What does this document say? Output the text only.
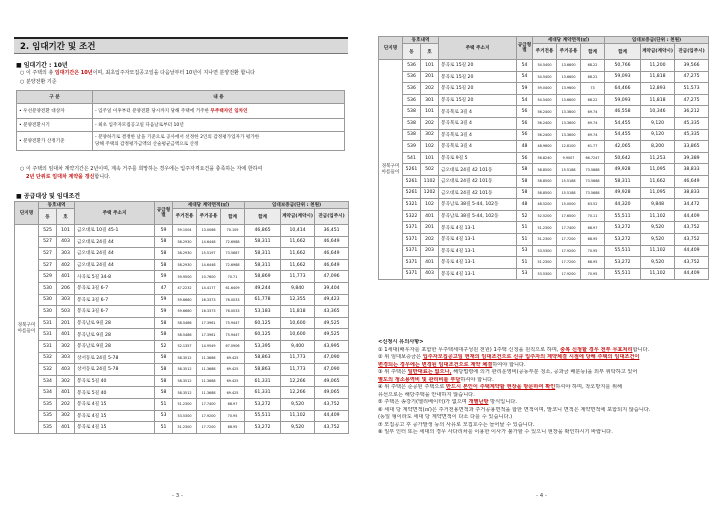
2. 임대기간 및 조건
■ 임대기간 : 10년
○ 이 주택의 총 임대기간은 10년이며, 최초입주자모집공고일을 다음날부터 10년이 지나면 분양전환 합니다
○ 분양전환 기준
구 분	내 용
• 우선분양전환 대상자	- 입주일 이후부터 분양전환 당시까지 당해 주택에 거주한 무주택자인 임차인
• 분양전환시기	- 최초 입주자모집공고일 다음날로부터 10년
• 분양전환가 산정기준	- 분양하기로 결정한 날을 기준으로 공사에서 선정한 2인의 감정평가업자가 평가한
당해 주택의 감정평가금액의 산술평균금액으로 산정
○ 이 주택의 임대차 계약기간은 2년이며, 계속 거주를 희망하는 경우에는 입주자격요건을 충족하는 자에 한하여
2년 단위로 임대차 계약을 갱신합니다.
■ 공급대상 및 임대조건
단지명	동호내역		주택 주소지	공급형별	세대당 계약면적(㎡)			임대보증금(단위 : 천원)		
	동	호			주거전용	주거공용	합계	합계	계약금(계약시)	잔금(입주시)
경북구미 아름들이	525	101	금오대로 10길 45-1	59	59.1004	13.0066	70.109	46,865	10,414	36,451
	527	403	금오대로 24길 44	58	58.2930	14.6448	72.6988	58,311	11,662	46,649
	527	303	금오대로 24길 44	58	58.2930	15.5197	73.5687	58,311	11,662	46,649
	527	402	금오대로 24길 44	58	58.2930	14.6448	72.6988	58,311	11,662	46,649
	529	401	사곡로 5길 34-8	59	59.9500	10.7600	70.71	58,869	11,773	47,096
	530	206	봉곡로 3길 6-7	47	47.2232	14.4177	61.6409	49,244	9,840	39,404
	530	303	봉곡로 3길 6-7	59	59.6660	16.3373	76.0033	61,778	12,355	49,423
	530	503	봉곡로 3길 6-7	59	59.6660	16.3373	76.0033	53,183	11,818	43,365
	531	201	봉곡남로 9길 28	58	58.5486	17.3961	75.9447	60,125	10,600	49,525
	531	401	봉곡남로 9길 28	58	58.5486	17.3961	75.9447	60,125	10,600	49,525
	531	302	봉곡남로 9길 28	52	52.1357	14.9549	67.0906	53,395	9,400	43,995
	532	303	상서동로 24길 5-78	58	58.3512	11.3688	69.425	58,863	11,773	47,090
	532	403	상서동로 24길 5-78	58	58.3512	11.3688	69.425	58,863	11,773	47,090
	534	302	봉곡로 5길 40	58	58.3512	11.3688	69.425	61,331	12,266	49,065
	534	401	봉곡로 5길 40	58	58.3512	11.3688	69.425	61,331	12,266	49,065
	535	202	봉곡로 4길 15	51	51.2300	17.7400	68.97	53,272	9,520	43,752
	535	302	봉곡로 4길 15	53	53.5300	17.9200	70.95	55,511	11,102	44,409
	535	401	봉곡로 4길 15	51	51.2300	17.7200	68.95	53,272	9,520	43,752
- 3 -
단지명	동호내역		주택 주소지	공급형별	세대당 계약면적(㎡)			임대보증금(단위 : 천원)		
	동	호			주거전용	주거공용	합계	합계	계약금(계약시)	잔금(입주시)
경북구미 아름들이	536	101	봉곡로 15길 20	54	54.5400	13.6600	68.22	50,766	11,200	39,566
	536	201	봉곡로 15길 20	54	54.5400	13.6600	68.22	59,093	11,818	47,275
	536	202	봉곡로 15길 20	59	59.0400	13.9600	73	64,466	12,893	51,573
	536	301	봉곡로 15길 20	54	54.5400	13.6600	68.22	59,093	11,818	47,275
	538	101	봉곡북로 3길 4	56	56.2400	13.3600	69.74	46,558	10,346	36,212
	538	202	봉곡북로 3길 4	56	56.2400	13.3600	69.74	54,455	9,120	45,335
	538	302	봉곡북로 3길 4	56	56.2400	13.3600	69.74	54,455	9,120	45,335
	539	102	봉곡북로 3길 4	48	48.9600	12.8100	61.77	42,065	8,200	33,865
	541	101	봉곡로 9길 5	56	56.8240	9.9007	66.7247	50,642	11,253	39,389
	5261	502	금오대로 24길 42 101동	58	58.8500	15.5188	73.5688	49,928	11,095	38,833
	5261	1102	금오대로 24길 42 101동	58	58.8500	15.5188	73.5688	58,311	11,662	46,649
	5261	1202	금오대로 24길 42 101동	58	58.8500	15.5188	73.5688	49,928	11,095	38,833
	5321	102	봉곡남로 38길 5-44, 102동	48	48.5200	15.0000	63.52	44,320	9,848	34,472
	5322	401	봉곡남로 38길 5-44, 102동	52	52.5200	17.6000	70.11	55,511	11,102	44,409
	5371	201	봉곡로 4길 13-1	51	51.2300	17.7400	68.97	53,272	9,520	43,752
	5371	202	봉곡로 4길 13-1	51	51.2300	17.7200	68.95	53,272	9,520	43,752
	5371	203	봉곡로 4길 13-1	53	53.5300	17.9200	70.95	55,511	11,102	44,409
	5371	401	봉곡로 4길 13-1	51	51.2300	17.7200	68.95	53,272	9,520	43,752
	5371	403	봉곡로 4길 13-1	53	53.5300	17.9200	70.95	55,511	11,102	44,409
<신청시 유의사항>
① 1세대(배우자를 포함한 무주택세대구성원 전원) 1주택 신청을 원칙으로 하며, 중복 신청할 경우 전부 무효처리합니다.
② 위 임대보증금은 입주자모집공고일 현재의 임대조건으로 신규 입주자의 계약체결 시점에 당해 주택의 임대조건이
변경되는 경우에는 변경된 임대조건으로 계약 체결하여야 합니다.
③ 위 주택은 일반대료는 없으나, 해당법령에 의거 관리운영비(공동부분 청소, 공과금 배분등)을 외부 위탁하고 있어
별도의 청소용역비 및 관리비를 부담하셔야 합니다.
④ 위 주택은 준공된 주택으로 반드시 본인이 주택계약할 현장을 방문하여 확인하셔야 하며, 착오방지를 위해
유선으로는 해당주택을 안내하지 않습니다.
⑤ 주택은 송강기(엘리베이터)가 없으며 개별난방 방식입니다.
⑥ 세대 당 계약면적(㎡)은 주거전용면적과 주거공용면적을 합한 면적이며, 발코니 면적은 계약면적에 포함되지 않습니다.
(동일 형이라도 세대 당 계약면적이 다소 다를 수 있습니다.)
⑦ 모집공고 후 공가발생 등의 사유로 모집호수는 늘어날 수 있습니다.
⑧ 일부 인터 또는 세대의 경우 사다리차를 이용한 이사가 불가할 수 있으니 현장을 확인하시기 바랍니다.
- 4 -
